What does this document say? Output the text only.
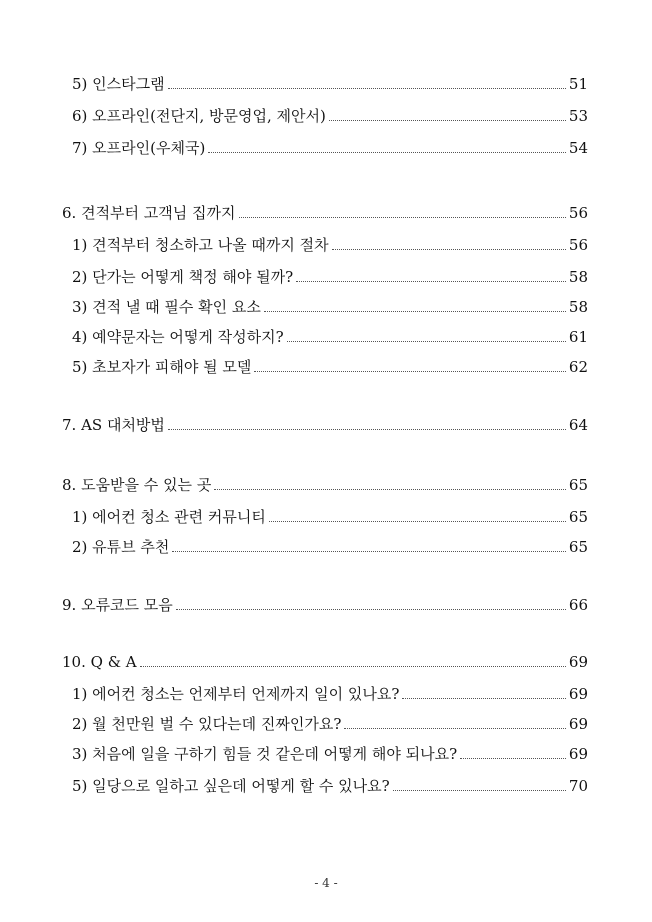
5) 인스타그램	51
6) 오프라인(전단지, 방문영업, 제안서)	53
7) 오프라인(우체국)	54
6. 견적부터 고객님 집까지	56
1) 견적부터 청소하고 나올 때까지 절차	56
2) 단가는 어떻게 책정 해야 될까?	58
3) 견적 낼 때 필수 확인 요소	58
4) 예약문자는 어떻게 작성하지?	61
5) 초보자가 피해야 될 모델	62
7. AS 대처방법	64
8. 도움받을 수 있는 곳	65
1) 에어컨 청소 관련 커뮤니티	65
2) 유튜브 추천	65
9. 오류코드 모음	66
10. Q & A	69
1) 에어컨 청소는 언제부터 언제까지 일이 있나요?	69
2) 월 천만원 벌 수 있다는데 진짜인가요?	69
3) 처음에 일을 구하기 힘들 것 같은데 어떻게 해야 되나요?	69
5) 일당으로 일하고 싶은데 어떻게 할 수 있나요?	70
- 4 -
